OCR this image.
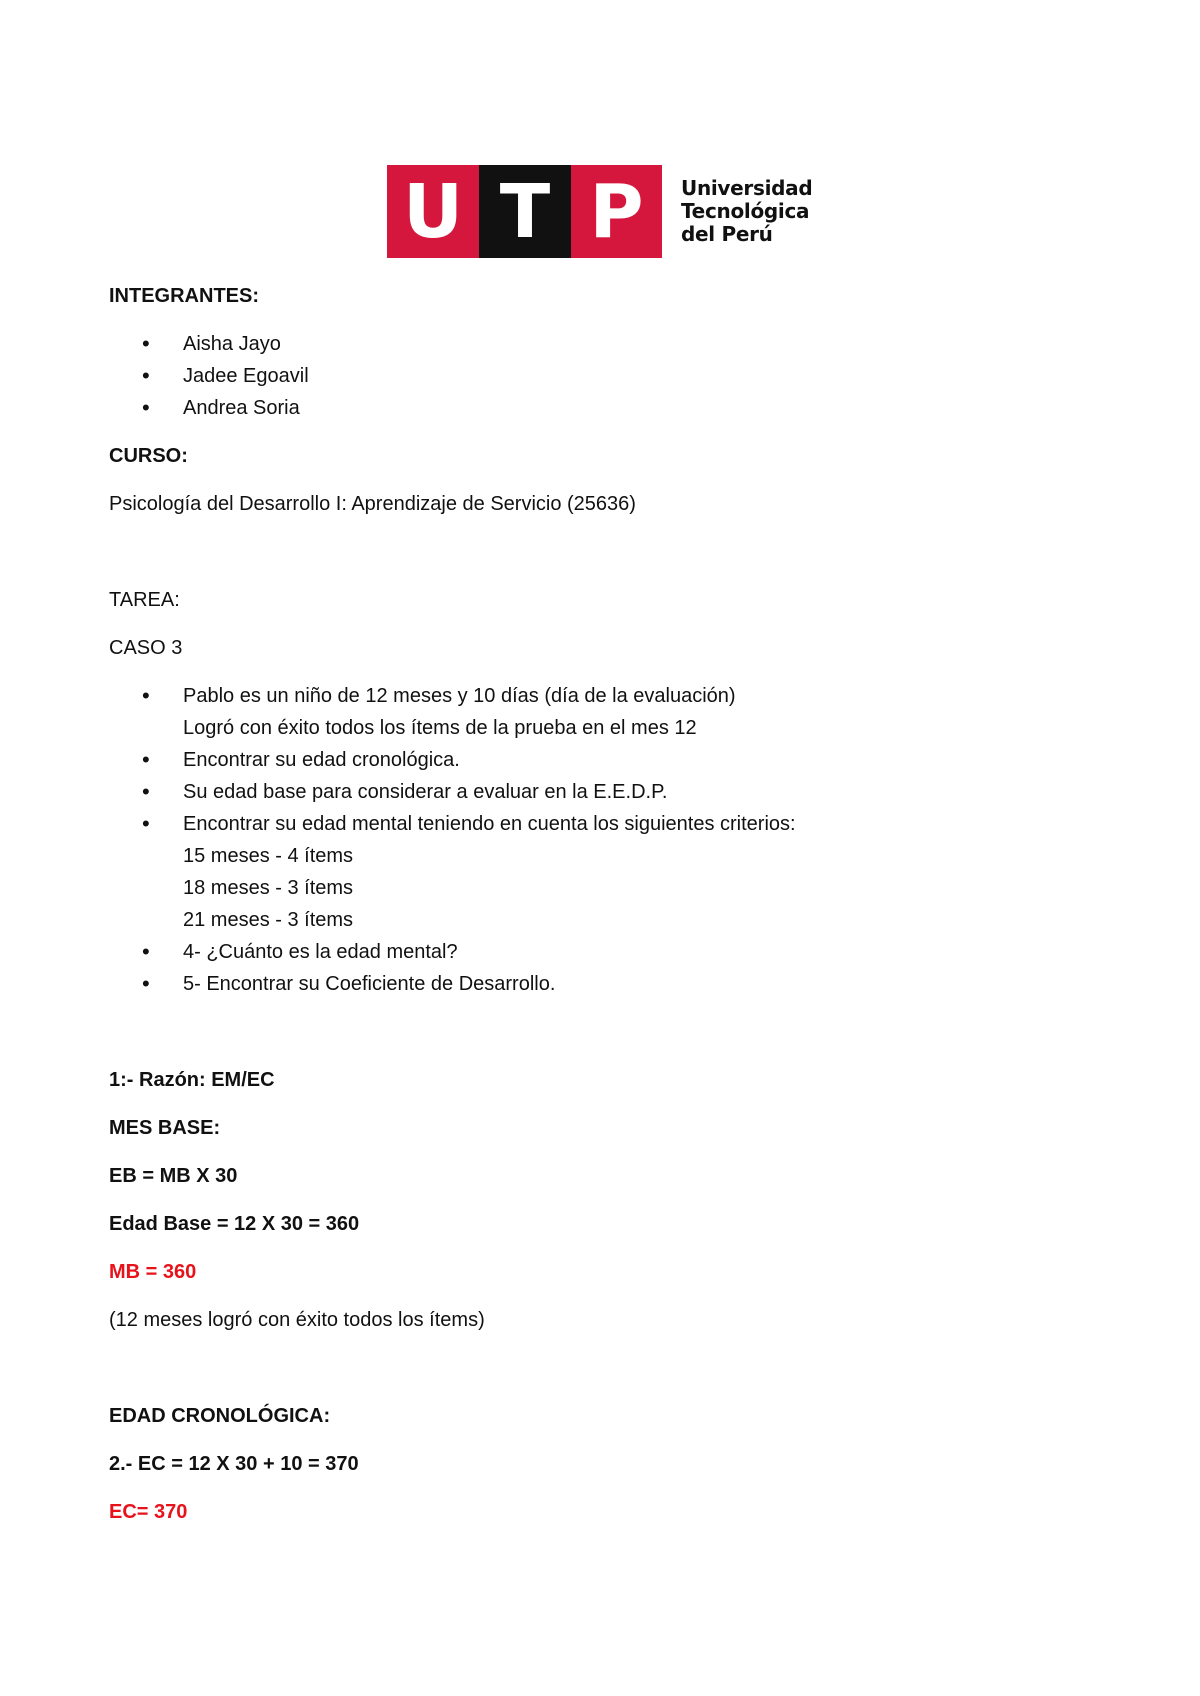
U T P	Universidad
Tecnológica
del Perú

INTEGRANTES:

• Aisha Jayo
• Jadee Egoavil
• Andrea Soria

CURSO:

Psicología del Desarrollo I: Aprendizaje de Servicio (25636)

TAREA:

CASO 3

• Pablo es un niño de 12 meses y 10 días (día de la evaluación)
Logró con éxito todos los ítems de la prueba en el mes 12
• Encontrar su edad cronológica.
• Su edad base para considerar a evaluar en la E.E.D.P.
• Encontrar su edad mental teniendo en cuenta los siguientes criterios:
15 meses - 4 ítems
18 meses - 3 ítems
21 meses - 3 ítems
• 4- ¿Cuánto es la edad mental?
• 5- Encontrar su Coeficiente de Desarrollo.

1:- Razón: EM/EC

MES BASE:

EB = MB X 30

Edad Base = 12 X 30 = 360

MB = 360

(12 meses logró con éxito todos los ítems)

EDAD CRONOLÓGICA:

2.- EC = 12 X 30 + 10 = 370

EC= 370
